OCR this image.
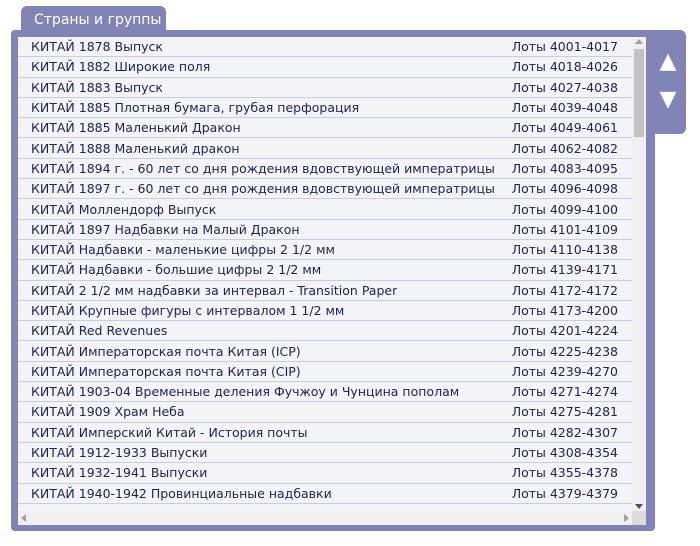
Страны и группы
▲
▼
КИТАЙ 1878 Выпуск	Лоты 4001-4017
КИТАЙ 1882 Широкие поля	Лоты 4018-4026
КИТАЙ 1883 Выпуск	Лоты 4027-4038
КИТАЙ 1885 Плотная бумага, грубая перфорация	Лоты 4039-4048
КИТАЙ 1885 Маленький Дракон	Лоты 4049-4061
КИТАЙ 1888 Маленький дракон	Лоты 4062-4082
КИТАЙ 1894 г. - 60 лет со дня рождения вдовствующей императрицы Лоты 4083-4095
КИТАЙ 1897 г. - 60 лет со дня рождения вдовствующей императрицы Лоты 4096-4098
КИТАЙ Моллендорф Выпуск	Лоты 4099-4100
КИТАЙ 1897 Надбавки на Малый Дракон	Лоты 4101-4109
КИТАЙ Надбавки - маленькие цифры 2 1/2 мм	Лоты 4110-4138
КИТАЙ Надбавки - большие цифры 2 1/2 мм	Лоты 4139-4171
КИТАЙ 2 1/2 мм надбавки за интервал - Transition Paper	Лоты 4172-4172
КИТАЙ Крупные фигуры с интервалом 1 1/2 мм	Лоты 4173-4200
КИТАЙ Red Revenues	Лоты 4201-4224
КИТАЙ Императорская почта Китая (ICP)	Лоты 4225-4238
КИТАЙ Императорская почта Китая (CIP)	Лоты 4239-4270
КИТАЙ 1903-04 Временные деления Фучжоу и Чунцина пополам	Лоты 4271-4274
КИТАЙ 1909 Храм Неба	Лоты 4275-4281
КИТАЙ Имперский Китай - История почты	Лоты 4282-4307
КИТАЙ 1912-1933 Выпуски	Лоты 4308-4354
КИТАЙ 1932-1941 Выпуски	Лоты 4355-4378
КИТАЙ 1940-1942 Провинциальные надбавки	Лоты 4379-4379
